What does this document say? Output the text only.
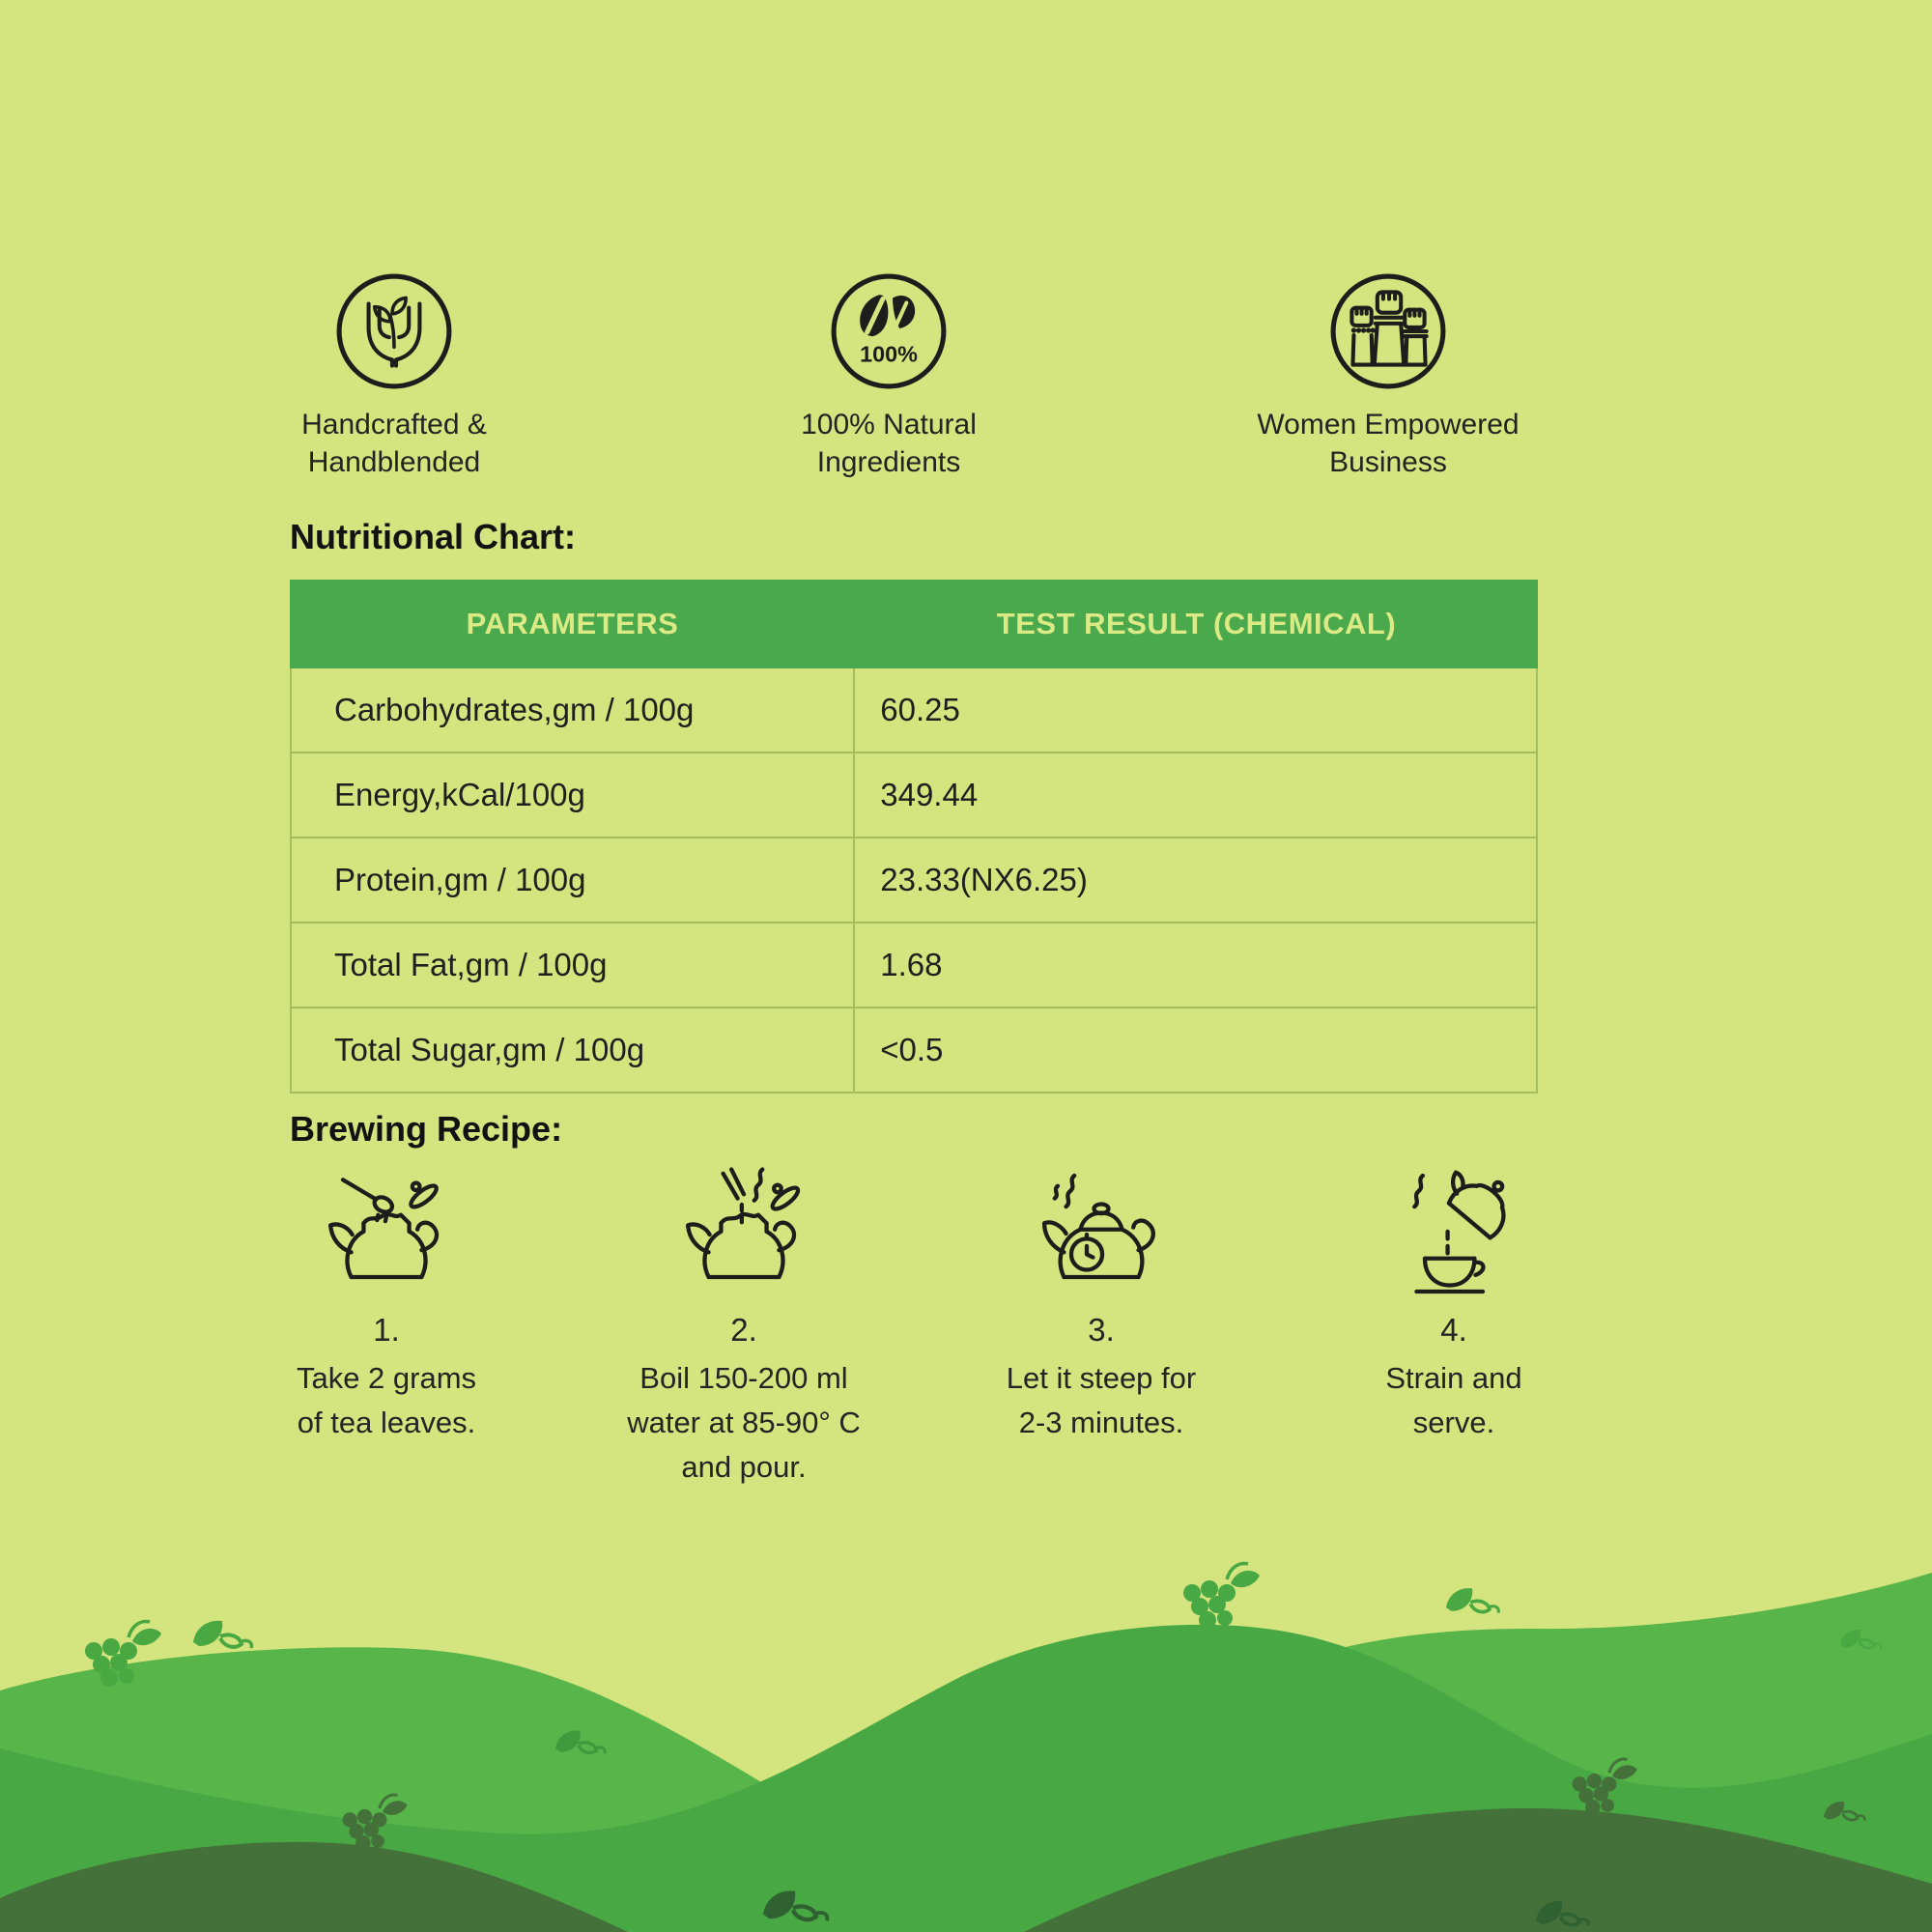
Handcrafted &
Handblended
100%
100% Natural
Ingredients
Women Empowered
Business
Nutritional Chart:
PARAMETERS	TEST RESULT (CHEMICAL)
Carbohydrates,gm / 100g	60.25
Energy,kCal/100g	349.44
Protein,gm / 100g	23.33(NX6.25)
Total Fat,gm / 100g	1.68
Total Sugar,gm / 100g	<0.5
Brewing Recipe:
1.
Take 2 grams
of tea leaves.
2.
Boil 150-200 ml
water at 85-90° C
and pour.
3.
Let it steep for
2-3 minutes.
4.
Strain and
serve.
